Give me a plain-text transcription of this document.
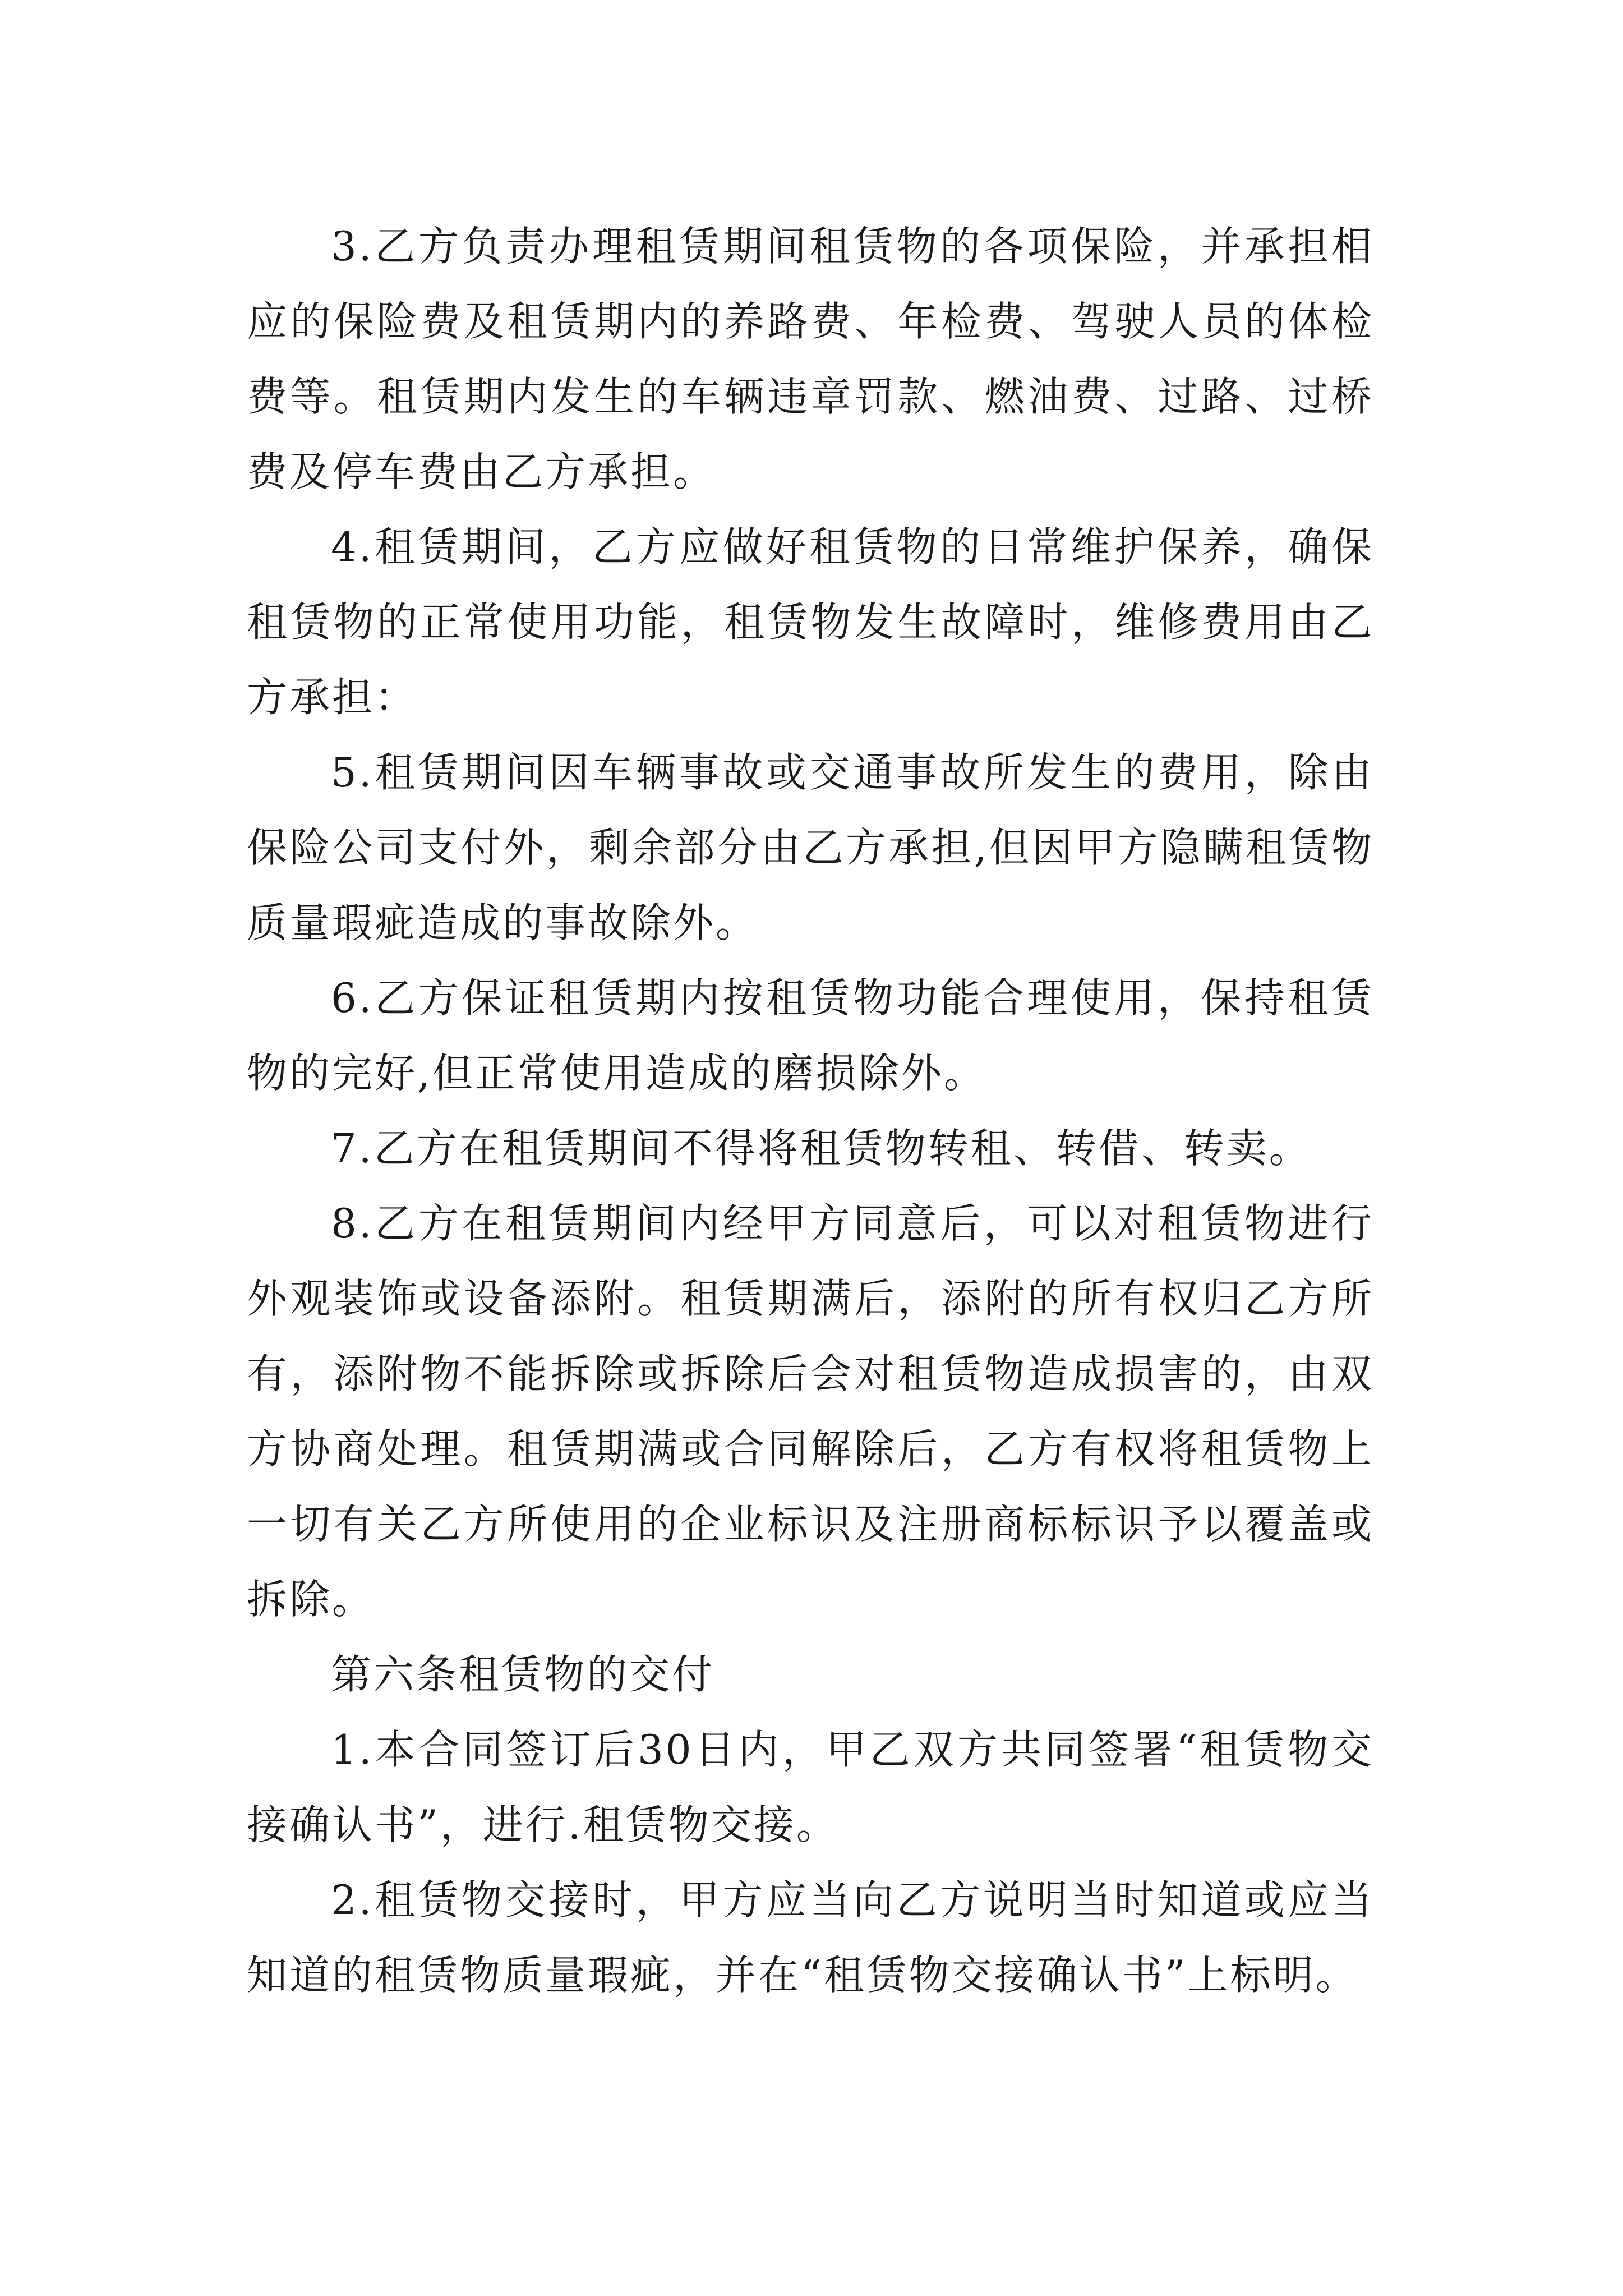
3.乙方负责办理租赁期间租赁物的各项保险，并承担相应的保险费及租赁期内的养路费、年检费、驾驶人员的体检费等。租赁期内发生的车辆违章罚款、燃油费、过路、过桥费及停车费由乙方承担。

4.租赁期间，乙方应做好租赁物的日常维护保养，确保租赁物的正常使用功能，租赁物发生故障时，维修费用由乙方承担：

5.租赁期间因车辆事故或交通事故所发生的费用，除由保险公司支付外，剩余部分由乙方承担,但因甲方隐瞒租赁物质量瑕疵造成的事故除外。

6.乙方保证租赁期内按租赁物功能合理使用，保持租赁物的完好,但正常使用造成的磨损除外。

7.乙方在租赁期间不得将租赁物转租、转借、转卖。

8.乙方在租赁期间内经甲方同意后，可以对租赁物进行外观装饰或设备添附。租赁期满后，添附的所有权归乙方所有，添附物不能拆除或拆除后会对租赁物造成损害的，由双方协商处理。租赁期满或合同解除后，乙方有权将租赁物上一切有关乙方所使用的企业标识及注册商标标识予以覆盖或拆除。

第六条租赁物的交付

1.本合同签订后30日内，甲乙双方共同签署“租赁物交接确认书”，进行.租赁物交接。

2.租赁物交接时，甲方应当向乙方说明当时知道或应当知道的租赁物质量瑕疵，并在“租赁物交接确认书”上标明。
